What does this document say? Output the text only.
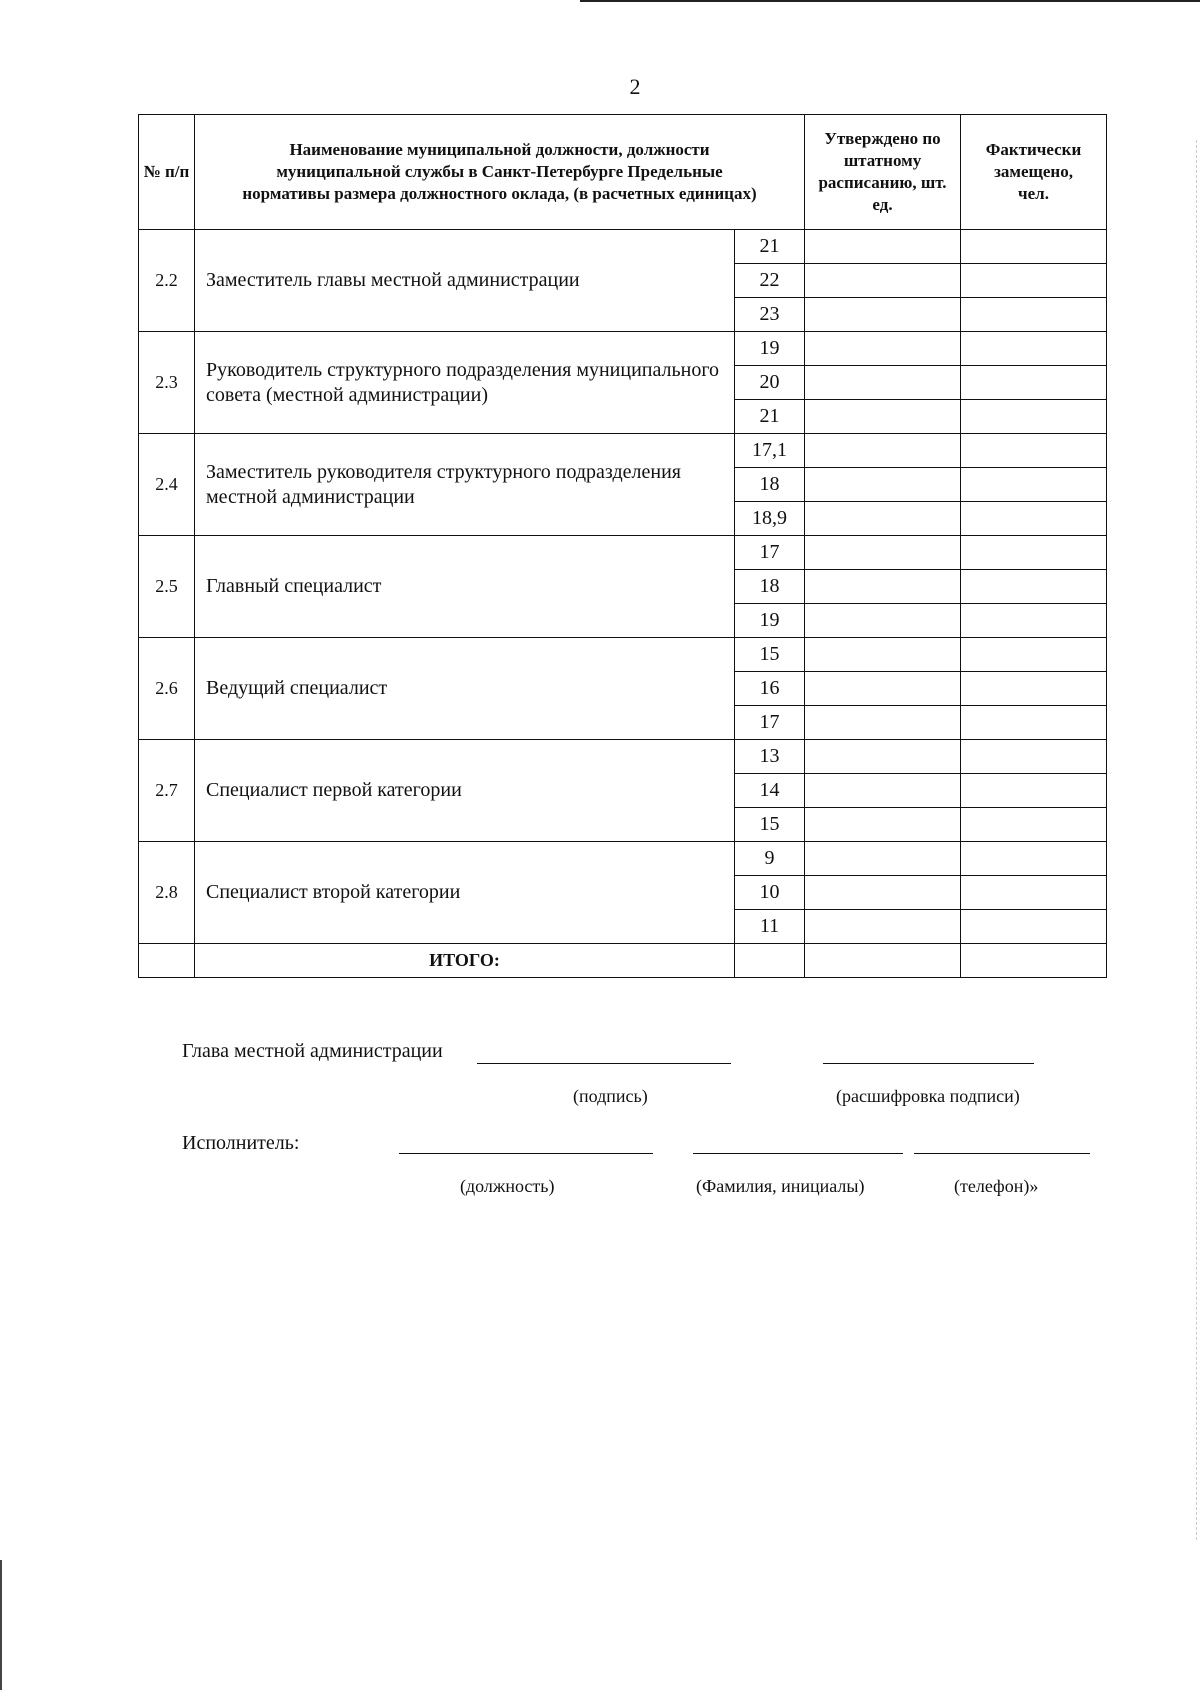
2
№ п/п	Наименование муниципальной должности, должности муниципальной службы в Санкт-Петербурге Предельные нормативы размера должностного оклада, (в расчетных единицах)		Утверждено по штатному расписанию, шт. ед.	Фактически замещено, чел.
2.2	Заместитель главы местной администрации	21		
		22		
		23		
2.3	Руководитель структурного подразделения муниципального совета (местной администрации)	19		
		20		
		21		
2.4	Заместитель руководителя структурного подразделения местной администрации	17,1		
		18		
		18,9		
2.5	Главный специалист	17		
		18		
		19		
2.6	Ведущий специалист	15		
		16		
		17		
2.7	Специалист первой категории	13		
		14		
		15		
2.8	Специалист второй категории	9		
		10		
		11		
	ИТОГО:			
Глава местной администрации
(подпись)	(расшифровка подписи)
Исполнитель:
(должность)	(Фамилия, инициалы)	(телефон)»
